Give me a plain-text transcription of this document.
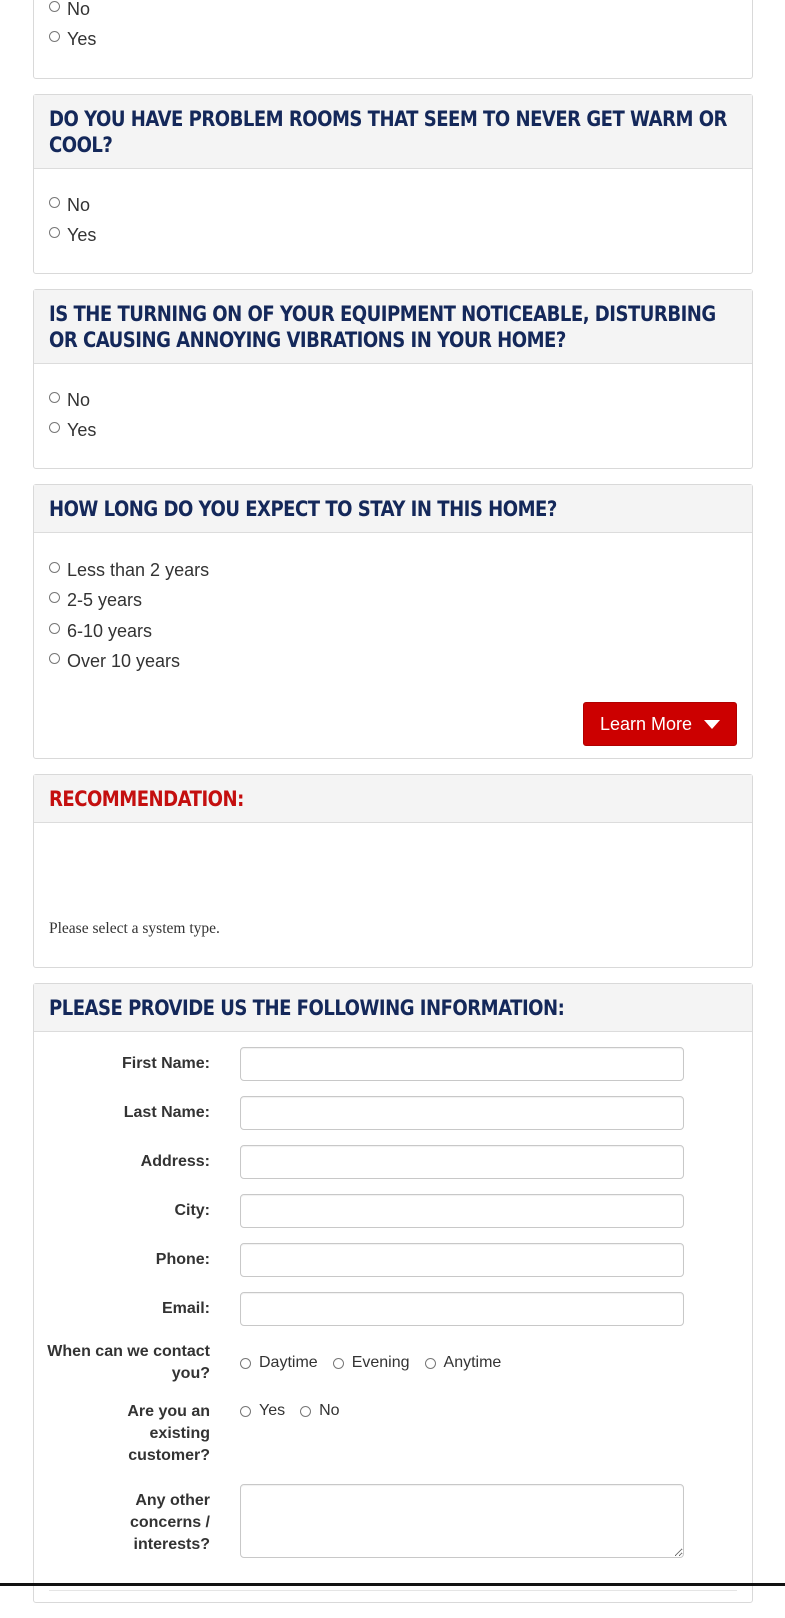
No
Yes
DO YOU HAVE PROBLEM ROOMS THAT SEEM TO NEVER GET WARM OR COOL?
No
Yes
IS THE TURNING ON OF YOUR EQUIPMENT NOTICEABLE, DISTURBING OR CAUSING ANNOYING VIBRATIONS IN YOUR HOME?
No
Yes
HOW LONG DO YOU EXPECT TO STAY IN THIS HOME?
Less than 2 years
2-5 years
6-10 years
Over 10 years
Learn More
RECOMMENDATION:
Please select a system type.
PLEASE PROVIDE US THE FOLLOWING INFORMATION:
First Name:
Last Name:
Address:
City:
Phone:
Email:
When can we contact you?
Daytime Evening Anytime
Are you an existing customer?
Yes No
Any other concerns / interests?
